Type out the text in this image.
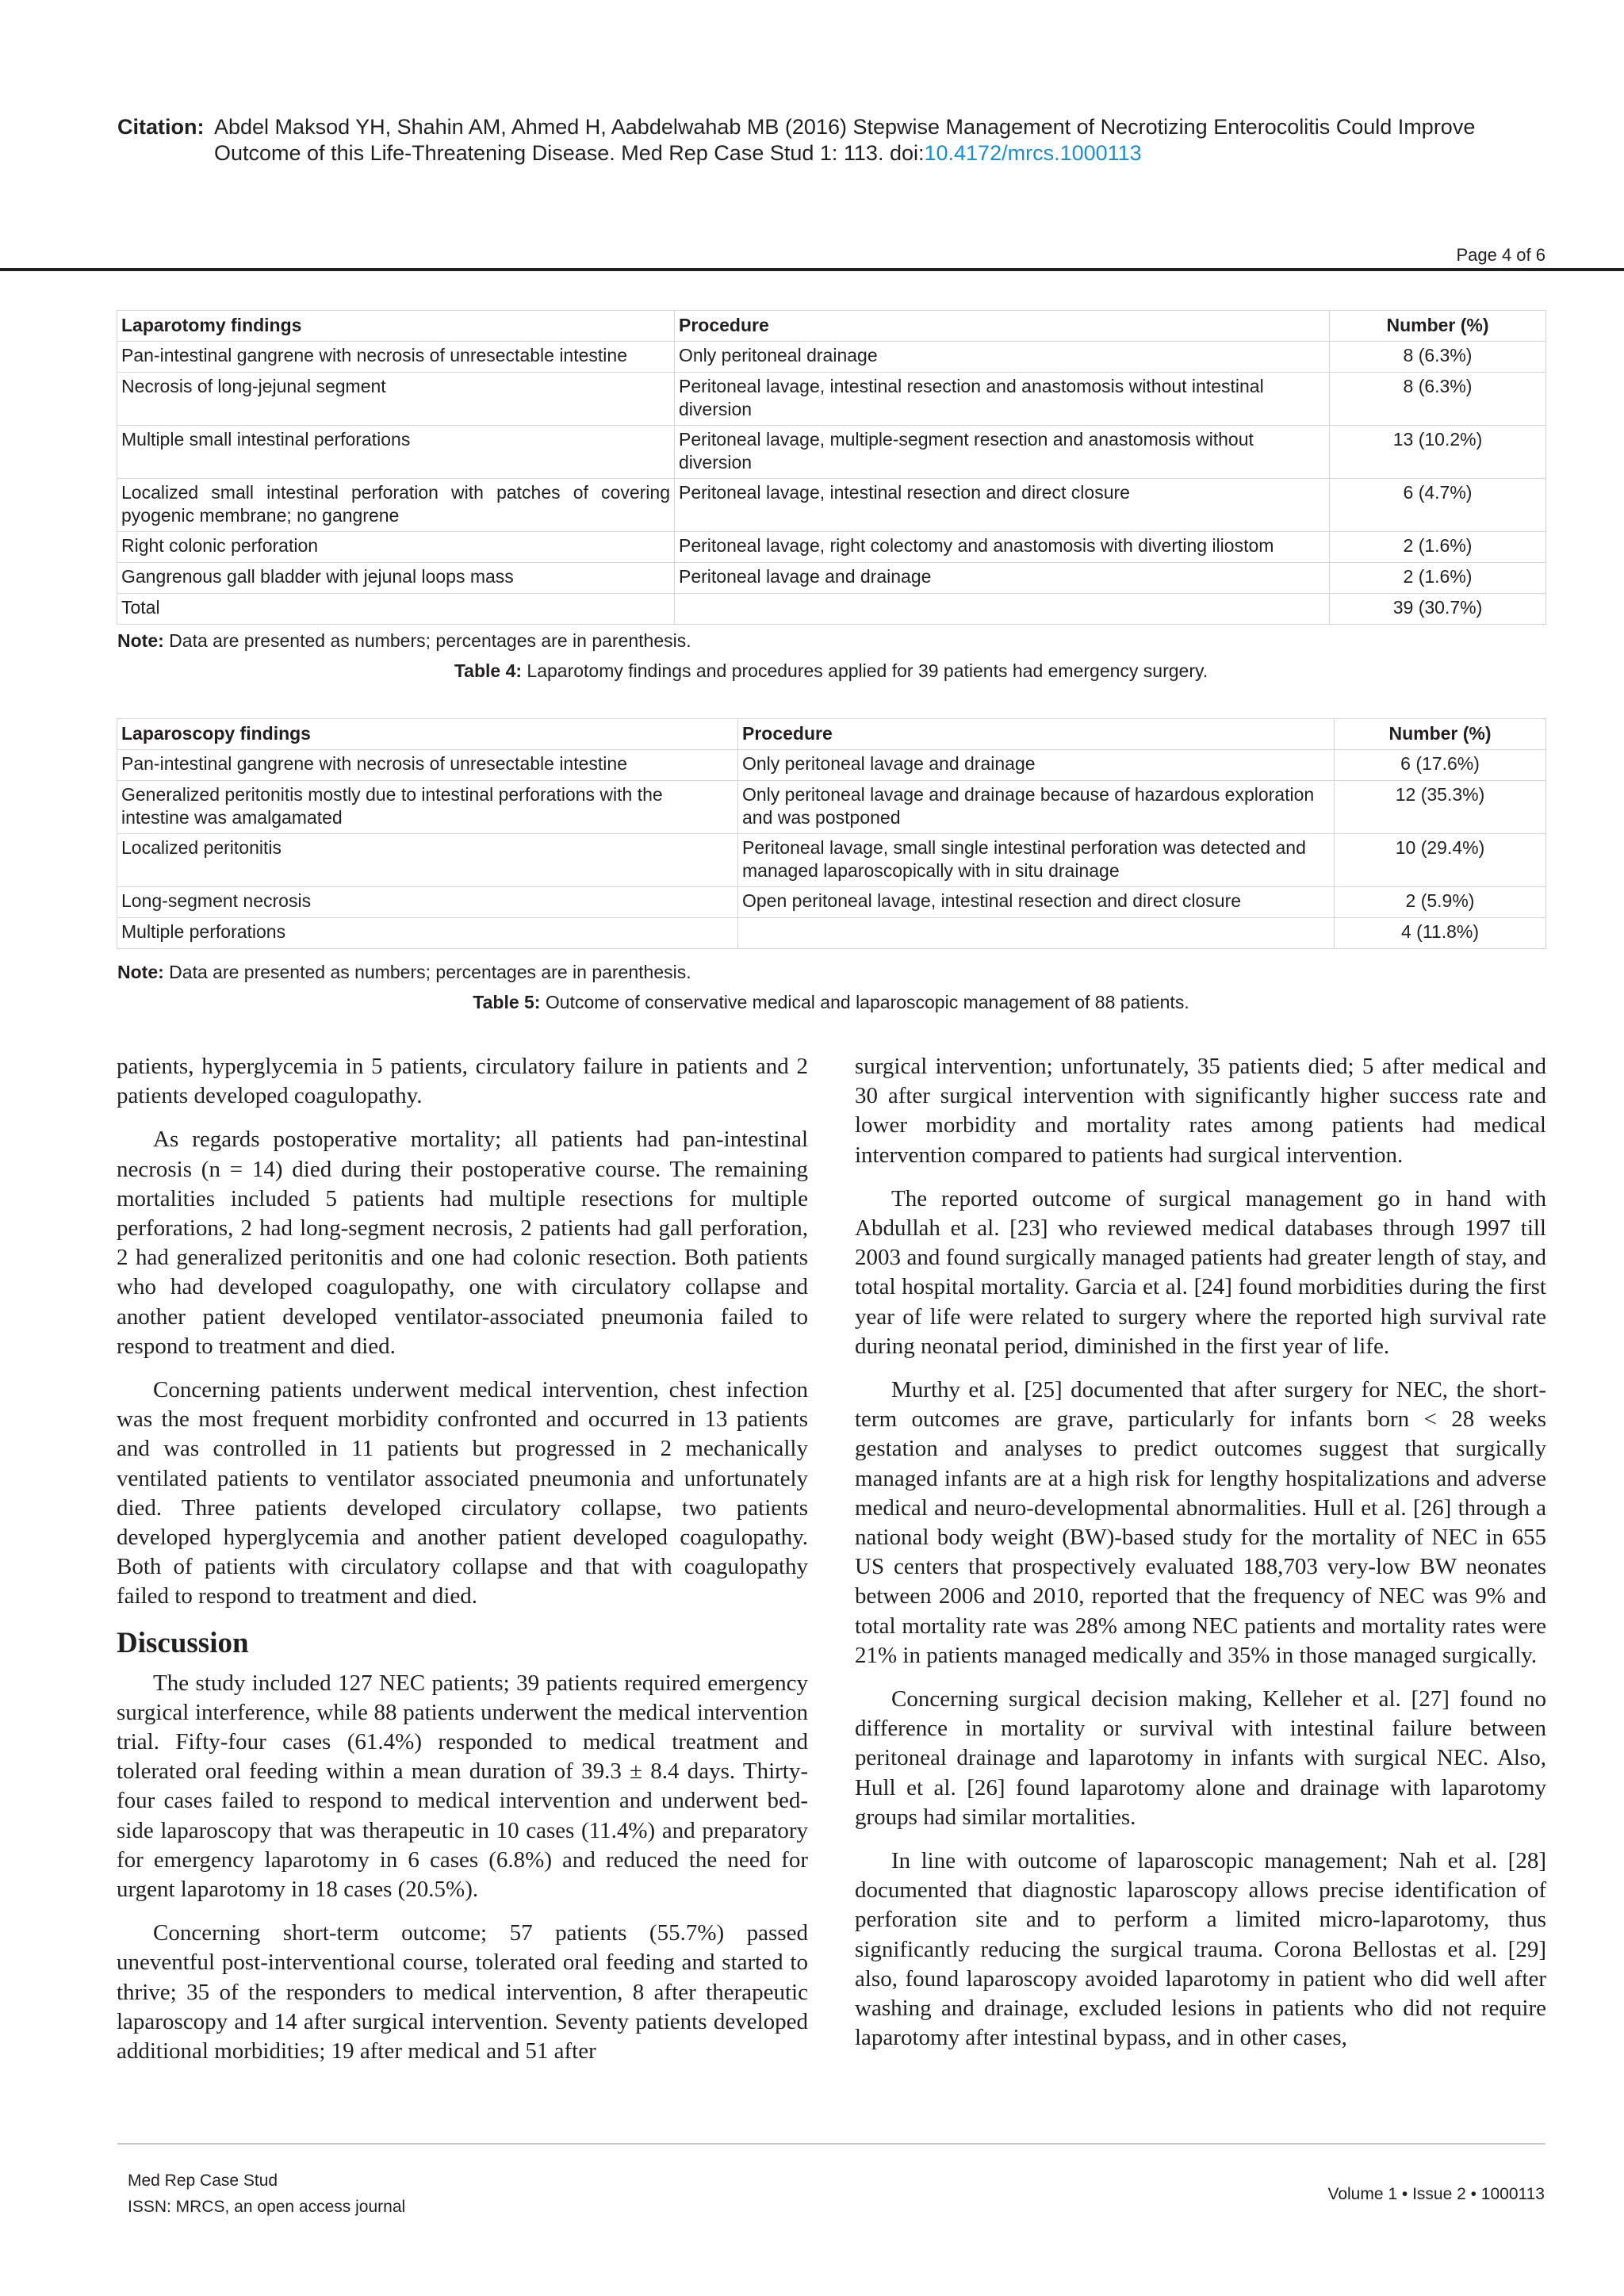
Citation: Abdel Maksod YH, Shahin AM, Ahmed H, Aabdelwahab MB (2016) Stepwise Management of Necrotizing Enterocolitis Could Improve Outcome of this Life-Threatening Disease. Med Rep Case Stud 1: 113. doi:10.4172/mrcs.1000113
Page 4 of 6
Laparotomy findings	Procedure	Number (%)
Pan-intestinal gangrene with necrosis of unresectable intestine	Only peritoneal drainage	8 (6.3%)
Necrosis of long-jejunal segment	Peritoneal lavage, intestinal resection and anastomosis without intestinal diversion	8 (6.3%)
Multiple small intestinal perforations	Peritoneal lavage, multiple-segment resection and anastomosis without diversion	13 (10.2%)
Localized small intestinal perforation with patches of covering pyogenic membrane; no gangrene	Peritoneal lavage, intestinal resection and direct closure	6 (4.7%)
Right colonic perforation	Peritoneal lavage, right colectomy and anastomosis with diverting iliostom	2 (1.6%)
Gangrenous gall bladder with jejunal loops mass	Peritoneal lavage and drainage	2 (1.6%)
Total		39 (30.7%)
Note: Data are presented as numbers; percentages are in parenthesis.
Table 4: Laparotomy findings and procedures applied for 39 patients had emergency surgery.
Laparoscopy findings	Procedure	Number (%)
Pan-intestinal gangrene with necrosis of unresectable intestine	Only peritoneal lavage and drainage	6 (17.6%)
Generalized peritonitis mostly due to intestinal perforations with the intestine was amalgamated	Only peritoneal lavage and drainage because of hazardous exploration and was postponed	12 (35.3%)
Localized peritonitis	Peritoneal lavage, small single intestinal perforation was detected and managed laparoscopically with in situ drainage	10 (29.4%)
Long-segment necrosis	Open peritoneal lavage, intestinal resection and direct closure	2 (5.9%)
Multiple perforations		4 (11.8%)
Note: Data are presented as numbers; percentages are in parenthesis.
Table 5: Outcome of conservative medical and laparoscopic management of 88 patients.

patients, hyperglycemia in 5 patients, circulatory failure in patients and 2 patients developed coagulopathy.

As regards postoperative mortality; all patients had pan-intestinal necrosis (n = 14) died during their postoperative course. The remaining mortalities included 5 patients had multiple resections for multiple perforations, 2 had long-segment necrosis, 2 patients had gall perforation, 2 had generalized peritonitis and one had colonic resection. Both patients who had developed coagulopathy, one with circulatory collapse and another patient developed ventilator-associated pneumonia failed to respond to treatment and died.

Concerning patients underwent medical intervention, chest infection was the most frequent morbidity confronted and occurred in 13 patients and was controlled in 11 patients but progressed in 2 mechanically ventilated patients to ventilator associated pneumonia and unfortunately died. Three patients developed circulatory collapse, two patients developed hyperglycemia and another patient developed coagulopathy. Both of patients with circulatory collapse and that with coagulopathy failed to respond to treatment and died.

Discussion

The study included 127 NEC patients; 39 patients required emergency surgical interference, while 88 patients underwent the medical intervention trial. Fifty-four cases (61.4%) responded to medical treatment and tolerated oral feeding within a mean duration of 39.3 ± 8.4 days. Thirty-four cases failed to respond to medical intervention and underwent bed-side laparoscopy that was therapeutic in 10 cases (11.4%) and preparatory for emergency laparotomy in 6 cases (6.8%) and reduced the need for urgent laparotomy in 18 cases (20.5%).

Concerning short-term outcome; 57 patients (55.7%) passed uneventful post-interventional course, tolerated oral feeding and started to thrive; 35 of the responders to medical intervention, 8 after therapeutic laparoscopy and 14 after surgical intervention. Seventy patients developed additional morbidities; 19 after medical and 51 after

surgical intervention; unfortunately, 35 patients died; 5 after medical and 30 after surgical intervention with significantly higher success rate and lower morbidity and mortality rates among patients had medical intervention compared to patients had surgical intervention.

The reported outcome of surgical management go in hand with Abdullah et al. [23] who reviewed medical databases through 1997 till 2003 and found surgically managed patients had greater length of stay, and total hospital mortality. Garcia et al. [24] found morbidities during the first year of life were related to surgery where the reported high survival rate during neonatal period, diminished in the first year of life.

Murthy et al. [25] documented that after surgery for NEC, the short-term outcomes are grave, particularly for infants born < 28 weeks gestation and analyses to predict outcomes suggest that surgically managed infants are at a high risk for lengthy hospitalizations and adverse medical and neuro-developmental abnormalities. Hull et al. [26] through a national body weight (BW)-based study for the mortality of NEC in 655 US centers that prospectively evaluated 188,703 very-low BW neonates between 2006 and 2010, reported that the frequency of NEC was 9% and total mortality rate was 28% among NEC patients and mortality rates were 21% in patients managed medically and 35% in those managed surgically.

Concerning surgical decision making, Kelleher et al. [27] found no difference in mortality or survival with intestinal failure between peritoneal drainage and laparotomy in infants with surgical NEC. Also, Hull et al. [26] found laparotomy alone and drainage with laparotomy groups had similar mortalities.

In line with outcome of laparoscopic management; Nah et al. [28] documented that diagnostic laparoscopy allows precise identification of perforation site and to perform a limited micro-laparotomy, thus significantly reducing the surgical trauma. Corona Bellostas et al. [29] also, found laparoscopy avoided laparotomy in patient who did well after washing and drainage, excluded lesions in patients who did not require laparotomy after intestinal bypass, and in other cases,

Med Rep Case Stud
ISSN: MRCS, an open access journal
Volume 1 • Issue 2 • 1000113
